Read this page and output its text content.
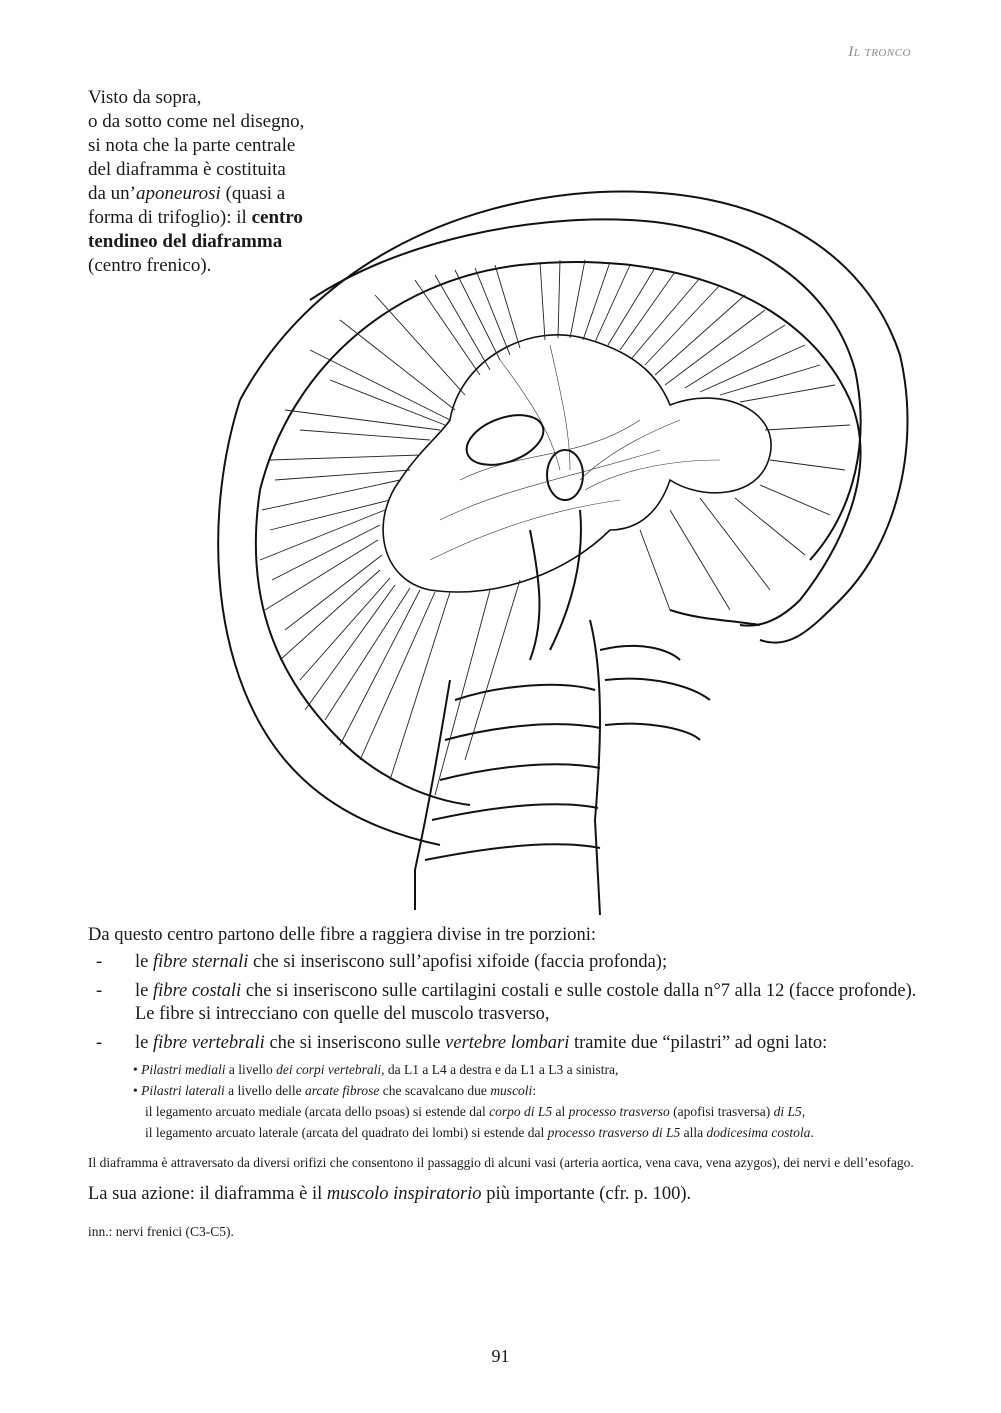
Il tronco
Visto da sopra,
o da sotto come nel disegno,
si nota che la parte centrale
del diaframma è costituita
da un’aponeurosi (quasi a
forma di trifoglio): il centro
tendineo del diaframma
(centro frenico).

Da questo centro partono delle fibre a raggiera divise in tre porzioni:

- le fibre sternali che si inseriscono sull’apofisi xifoide (faccia profonda);
- le fibre costali che si inseriscono sulle cartilagini costali e sulle costole dalla n°7 alla 12 (facce profonde). Le fibre si intrecciano con quelle del muscolo trasverso,
- le fibre vertebrali che si inseriscono sulle vertebre lombari tramite due “pilastri” ad ogni lato:
• Pilastri mediali a livello dei corpi vertebrali, da L1 a L4 a destra e da L1 a L3 a sinistra,
• Pilastri laterali a livello delle arcate fibrose che scavalcano due muscoli:
il legamento arcuato mediale (arcata dello psoas) si estende dal corpo di L5 al processo trasverso (apofisi trasversa) di L5,
il legamento arcuato laterale (arcata del quadrato dei lombi) si estende dal processo trasverso di L5 alla dodicesima costola.

Il diaframma è attraversato da diversi orifizi che consentono il passaggio di alcuni vasi (arteria aortica, vena cava, vena azygos), dei nervi e dell’esofago.

La sua azione: il diaframma è il muscolo inspiratorio più importante (cfr. p. 100).

inn.: nervi frenici (C3-C5).

91
